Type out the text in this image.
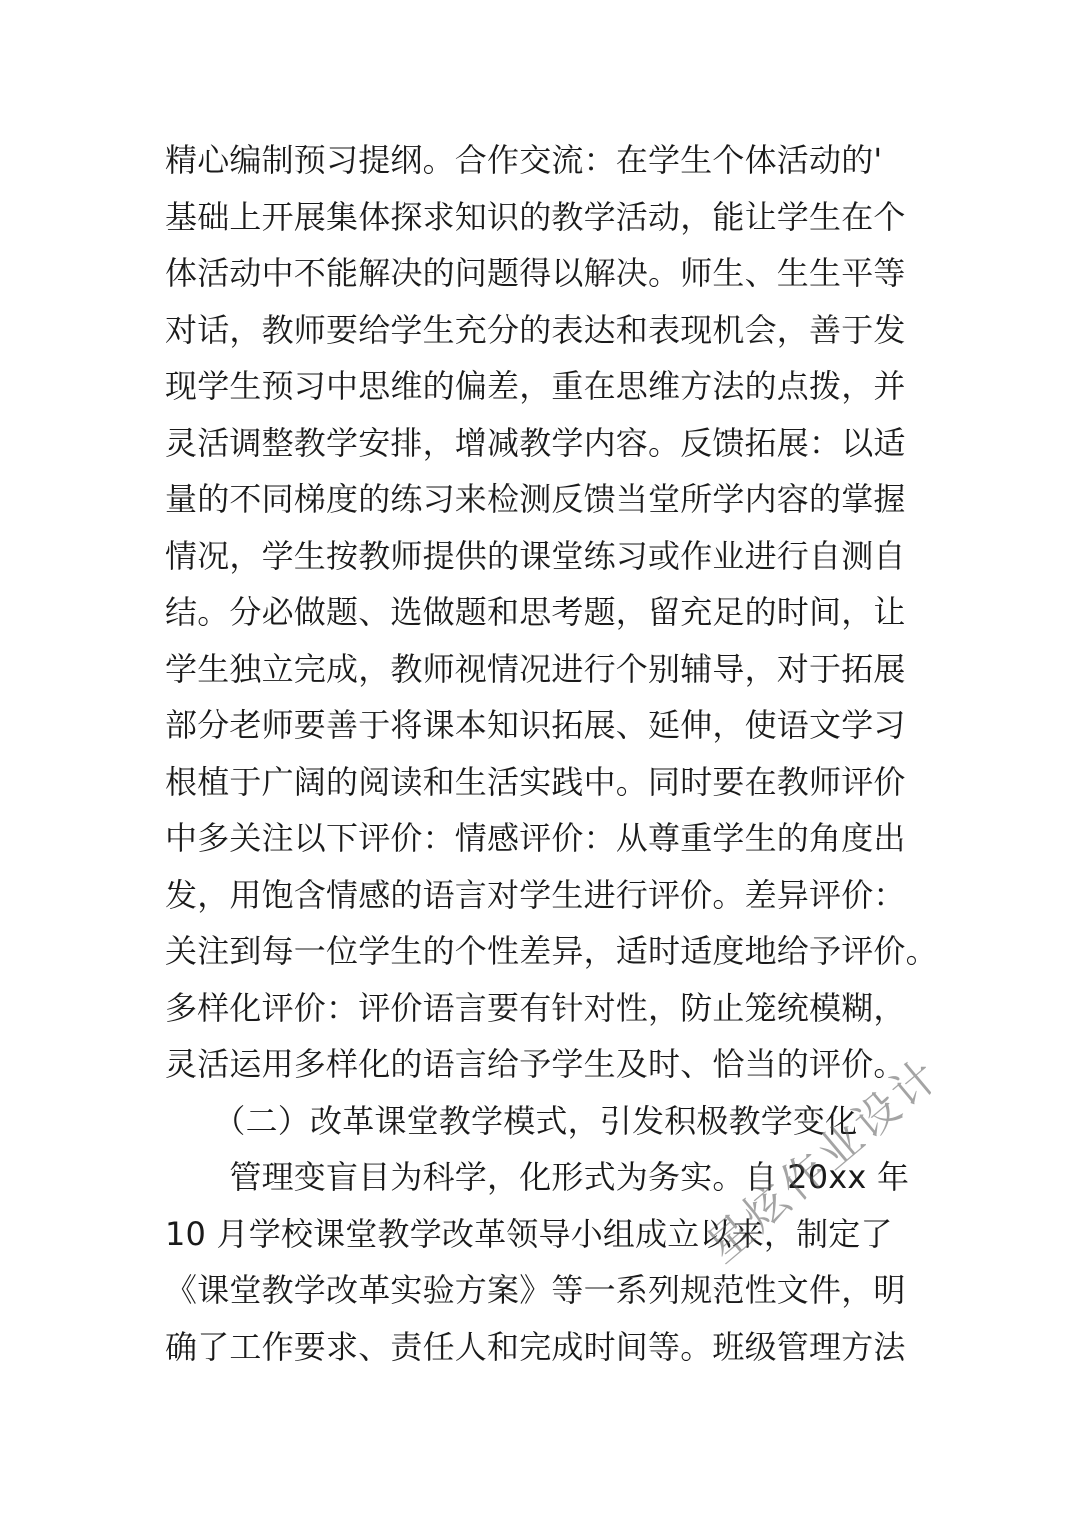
精心编制预习提纲。合作交流：在学生个体活动的'
基础上开展集体探求知识的教学活动，能让学生在个
体活动中不能解决的问题得以解决。师生、生生平等
对话，教师要给学生充分的表达和表现机会，善于发
现学生预习中思维的偏差，重在思维方法的点拨，并
灵活调整教学安排，增减教学内容。反馈拓展：以适
量的不同梯度的练习来检测反馈当堂所学内容的掌握
情况，学生按教师提供的课堂练习或作业进行自测自
结。分必做题、选做题和思考题，留充足的时间，让
学生独立完成，教师视情况进行个别辅导，对于拓展
部分老师要善于将课本知识拓展、延伸，使语文学习
根植于广阔的阅读和生活实践中。同时要在教师评价
中多关注以下评价：情感评价：从尊重学生的角度出
发，用饱含情感的语言对学生进行评价。差异评价：
关注到每一位学生的个性差异，适时适度地给予评价。
多样化评价：评价语言要有针对性，防止笼统模糊，
灵活运用多样化的语言给予学生及时、恰当的评价。
　　（二）改革课堂教学模式，引发积极教学变化
　　管理变盲目为科学，化形式为务实。自 20xx 年
10 月学校课堂教学改革领导小组成立以来，制定了
《课堂教学改革实验方案》等一系列规范性文件，明
确了工作要求、责任人和完成时间等。班级管理方法
星炫作业设计
